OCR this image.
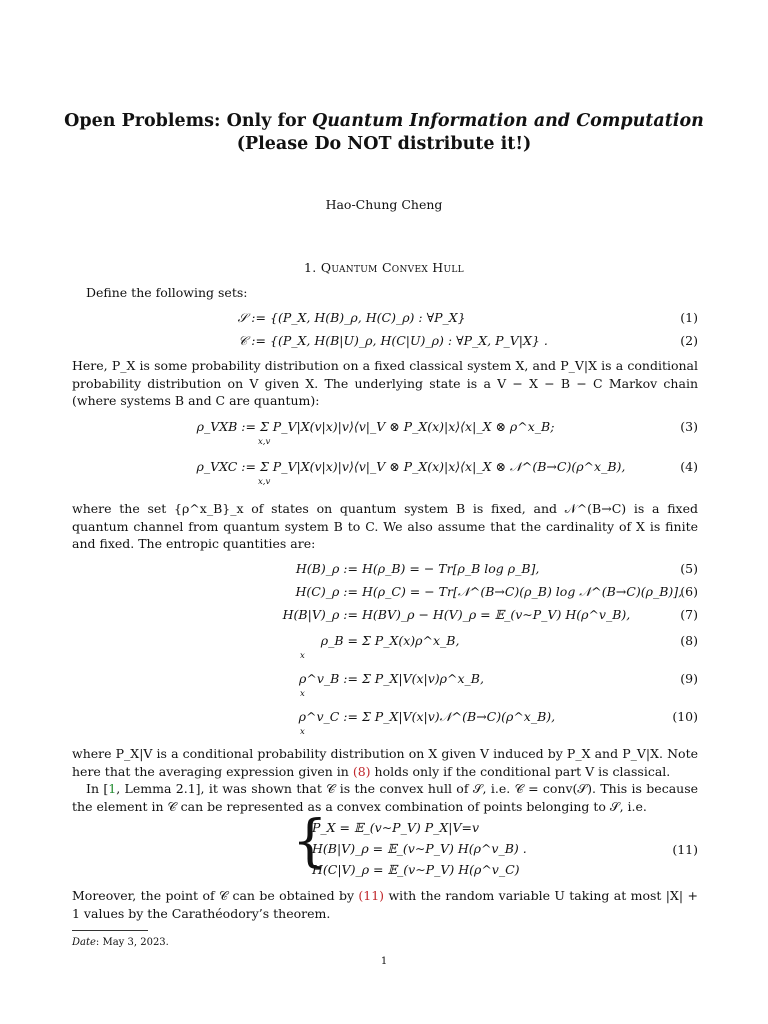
Open Problems: Only for Quantum Information and Computation
(Please Do NOT distribute it!)
Hao-Chung Cheng
1. Quantum Convex Hull
Define the following sets:
𝒮 := {(P_X, H(B)_ρ, H(C)_ρ) : ∀P_X}	(1)
𝒞 := {(P_X, H(B|U)_ρ, H(C|U)_ρ) : ∀P_X, P_V|X} .	(2)
Here, P_X is some probability distribution on a fixed classical system X, and P_V|X is a conditional probability distribution on V given X. The underlying state is a V − X − B − C Markov chain (where systems B and C are quantum):
ρ_VXB := Σ P_V|X(v|x)|v⟩⟨v|_V ⊗ P_X(x)|x⟩⟨x|_X ⊗ ρ^x_B;	(3)
x,v
ρ_VXC := Σ P_V|X(v|x)|v⟩⟨v|_V ⊗ P_X(x)|x⟩⟨x|_X ⊗ 𝒩^(B→C)(ρ^x_B),	(4)
x,v
where the set {ρ^x_B}_x of states on quantum system B is fixed, and 𝒩^(B→C) is a fixed quantum channel from quantum system B to C. We also assume that the cardinality of X is finite and fixed. The entropic quantities are:
H(B)_ρ := H(ρ_B) = − Tr[ρ_B log ρ_B],	(5)
H(C)_ρ := H(ρ_C) = − Tr[𝒩^(B→C)(ρ_B) log 𝒩^(B→C)(ρ_B)],
(6)
H(B|V)_ρ := H(BV)_ρ − H(V)_ρ = 𝔼_(v∼P_V) H(ρ^v_B),	(7)
ρ_B = Σ P_X(x)ρ^x_B,	(8)
x
ρ^v_B := Σ P_X|V(x|v)ρ^x_B,	(9)
x
ρ^v_C := Σ P_X|V(x|v)𝒩^(B→C)(ρ^x_B),	(10)
x
where P_X|V is a conditional probability distribution on X given V induced by P_X and P_V|X. Note here that the averaging expression given in (8) holds only if the conditional part V is classical.
In [1, Lemma 2.1], it was shown that 𝒞 is the convex hull of 𝒮, i.e. 𝒞 = conv(𝒮). This is because the element in 𝒞 can be represented as a convex combination of points belonging to 𝒮, i.e.
{
P_X = 𝔼_(v∼P_V) P_X|V=v
H(B|V)_ρ = 𝔼_(v∼P_V) H(ρ^v_B) .
H(C|V)_ρ = 𝔼_(v∼P_V) H(ρ^v_C)
(11)
Moreover, the point of 𝒞 can be obtained by (11) with the random variable U taking at most |X| + 1 values by the Carathéodory’s theorem.
Date: May 3, 2023.
1
